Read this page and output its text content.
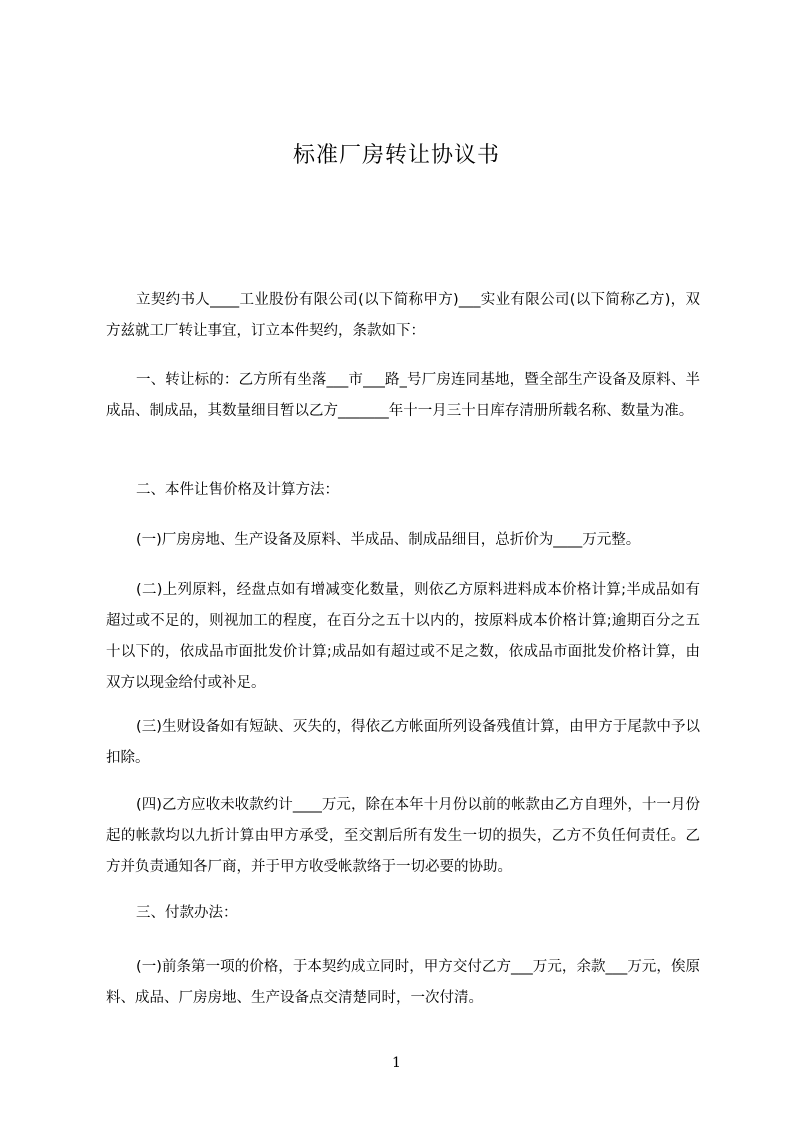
标准厂房转让协议书
立契约书人____工业股份有限公司(以下简称甲方)___实业有限公司(以下简称乙方)，双方兹就工厂转让事宜，订立本件契约，条款如下：
一、转让标的：乙方所有坐落___市___路_号厂房连同基地，暨全部生产设备及原料、半成品、制成品，其数量细目暂以乙方_______年十一月三十日库存清册所载名称、数量为准。
二、本件让售价格及计算方法：
(一)厂房房地、生产设备及原料、半成品、制成品细目，总折价为____万元整。
(二)上列原料，经盘点如有增减变化数量，则依乙方原料进料成本价格计算;半成品如有超过或不足的，则视加工的程度，在百分之五十以内的，按原料成本价格计算;逾期百分之五十以下的，依成品市面批发价计算;成品如有超过或不足之数，依成品市面批发价格计算，由双方以现金给付或补足。
(三)生财设备如有短缺、灭失的，得依乙方帐面所列设备残值计算，由甲方于尾款中予以扣除。
(四)乙方应收未收款约计____万元，除在本年十月份以前的帐款由乙方自理外，十一月份起的帐款均以九折计算由甲方承受，至交割后所有发生一切的损失，乙方不负任何责任。乙方并负责通知各厂商，并于甲方收受帐款络于一切必要的协助。
三、付款办法：
(一)前条第一项的价格，于本契约成立同时，甲方交付乙方___万元，余款___万元，俟原料、成品、厂房房地、生产设备点交清楚同时，一次付清。
1
